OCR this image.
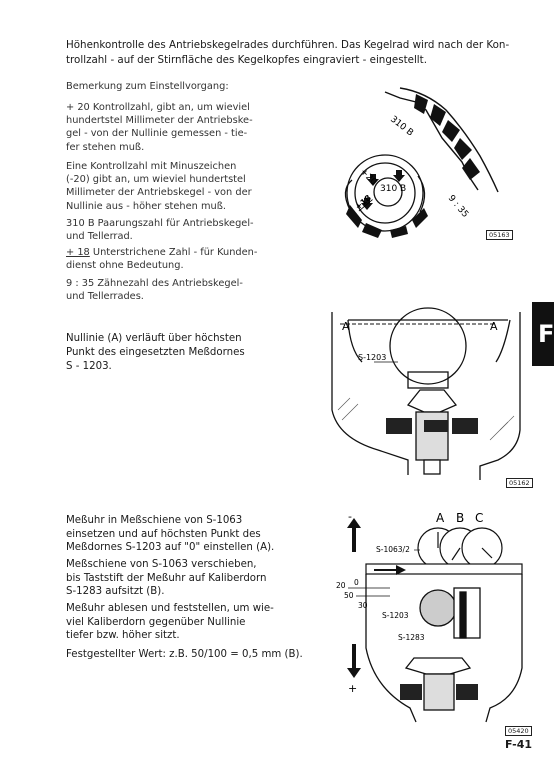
Höhenkontrolle des Antriebskegelrades durchführen. Das Kegelrad wird nach der Kon-
trollzahl - auf der Stirnfläche des Kegelkopfes eingraviert - eingestellt.
Bemerkung zum Einstellvorgang:
+ 20 Kontrollzahl, gibt an, um wieviel
hundertstel Millimeter der Antriebske-
gel - von der Nullinie gemessen - tie-
fer stehen muß.
Eine Kontrollzahl mit Minuszeichen
(-20) gibt an, um wieviel hundertstel
Millimeter der Antriebskegel - von der
Nullinie aus - höher stehen muß.
310 B Paarungszahl für Antriebskegel-
und Tellerrad.
+ 18 Unterstrichene Zahl - für Kunden-
dienst ohne Bedeutung.
9 : 35 Zähnezahl des Antriebskegel-
und Tellerrades.
Nullinie (A) verläuft über höchsten
Punkt des eingesetzten Meßdornes
S - 1203.
Meßuhr in Meßschiene von S-1063
einsetzen und auf höchsten Punkt des
Meßdornes S-1203 auf "0" einstellen (A).
Meßschiene von S-1063 verschieben,
bis Taststift der Meßuhr auf Kaliberdorn
S-1283 aufsitzt (B).
Meßuhr ablesen und feststellen, um wie-
viel Kaliberdorn gegenüber Nullinie
tiefer bzw. höher sitzt.
Festgestellter Wert: z.B. 50/100 = 0,5 mm (B).
310 B
9 : 35
+20
310 B
+18
05163
F
A	A
S-1203
05162
-
+
A B C
S-1063/2
20 0
50
30
S-1203
S-1283
05420
F-41
